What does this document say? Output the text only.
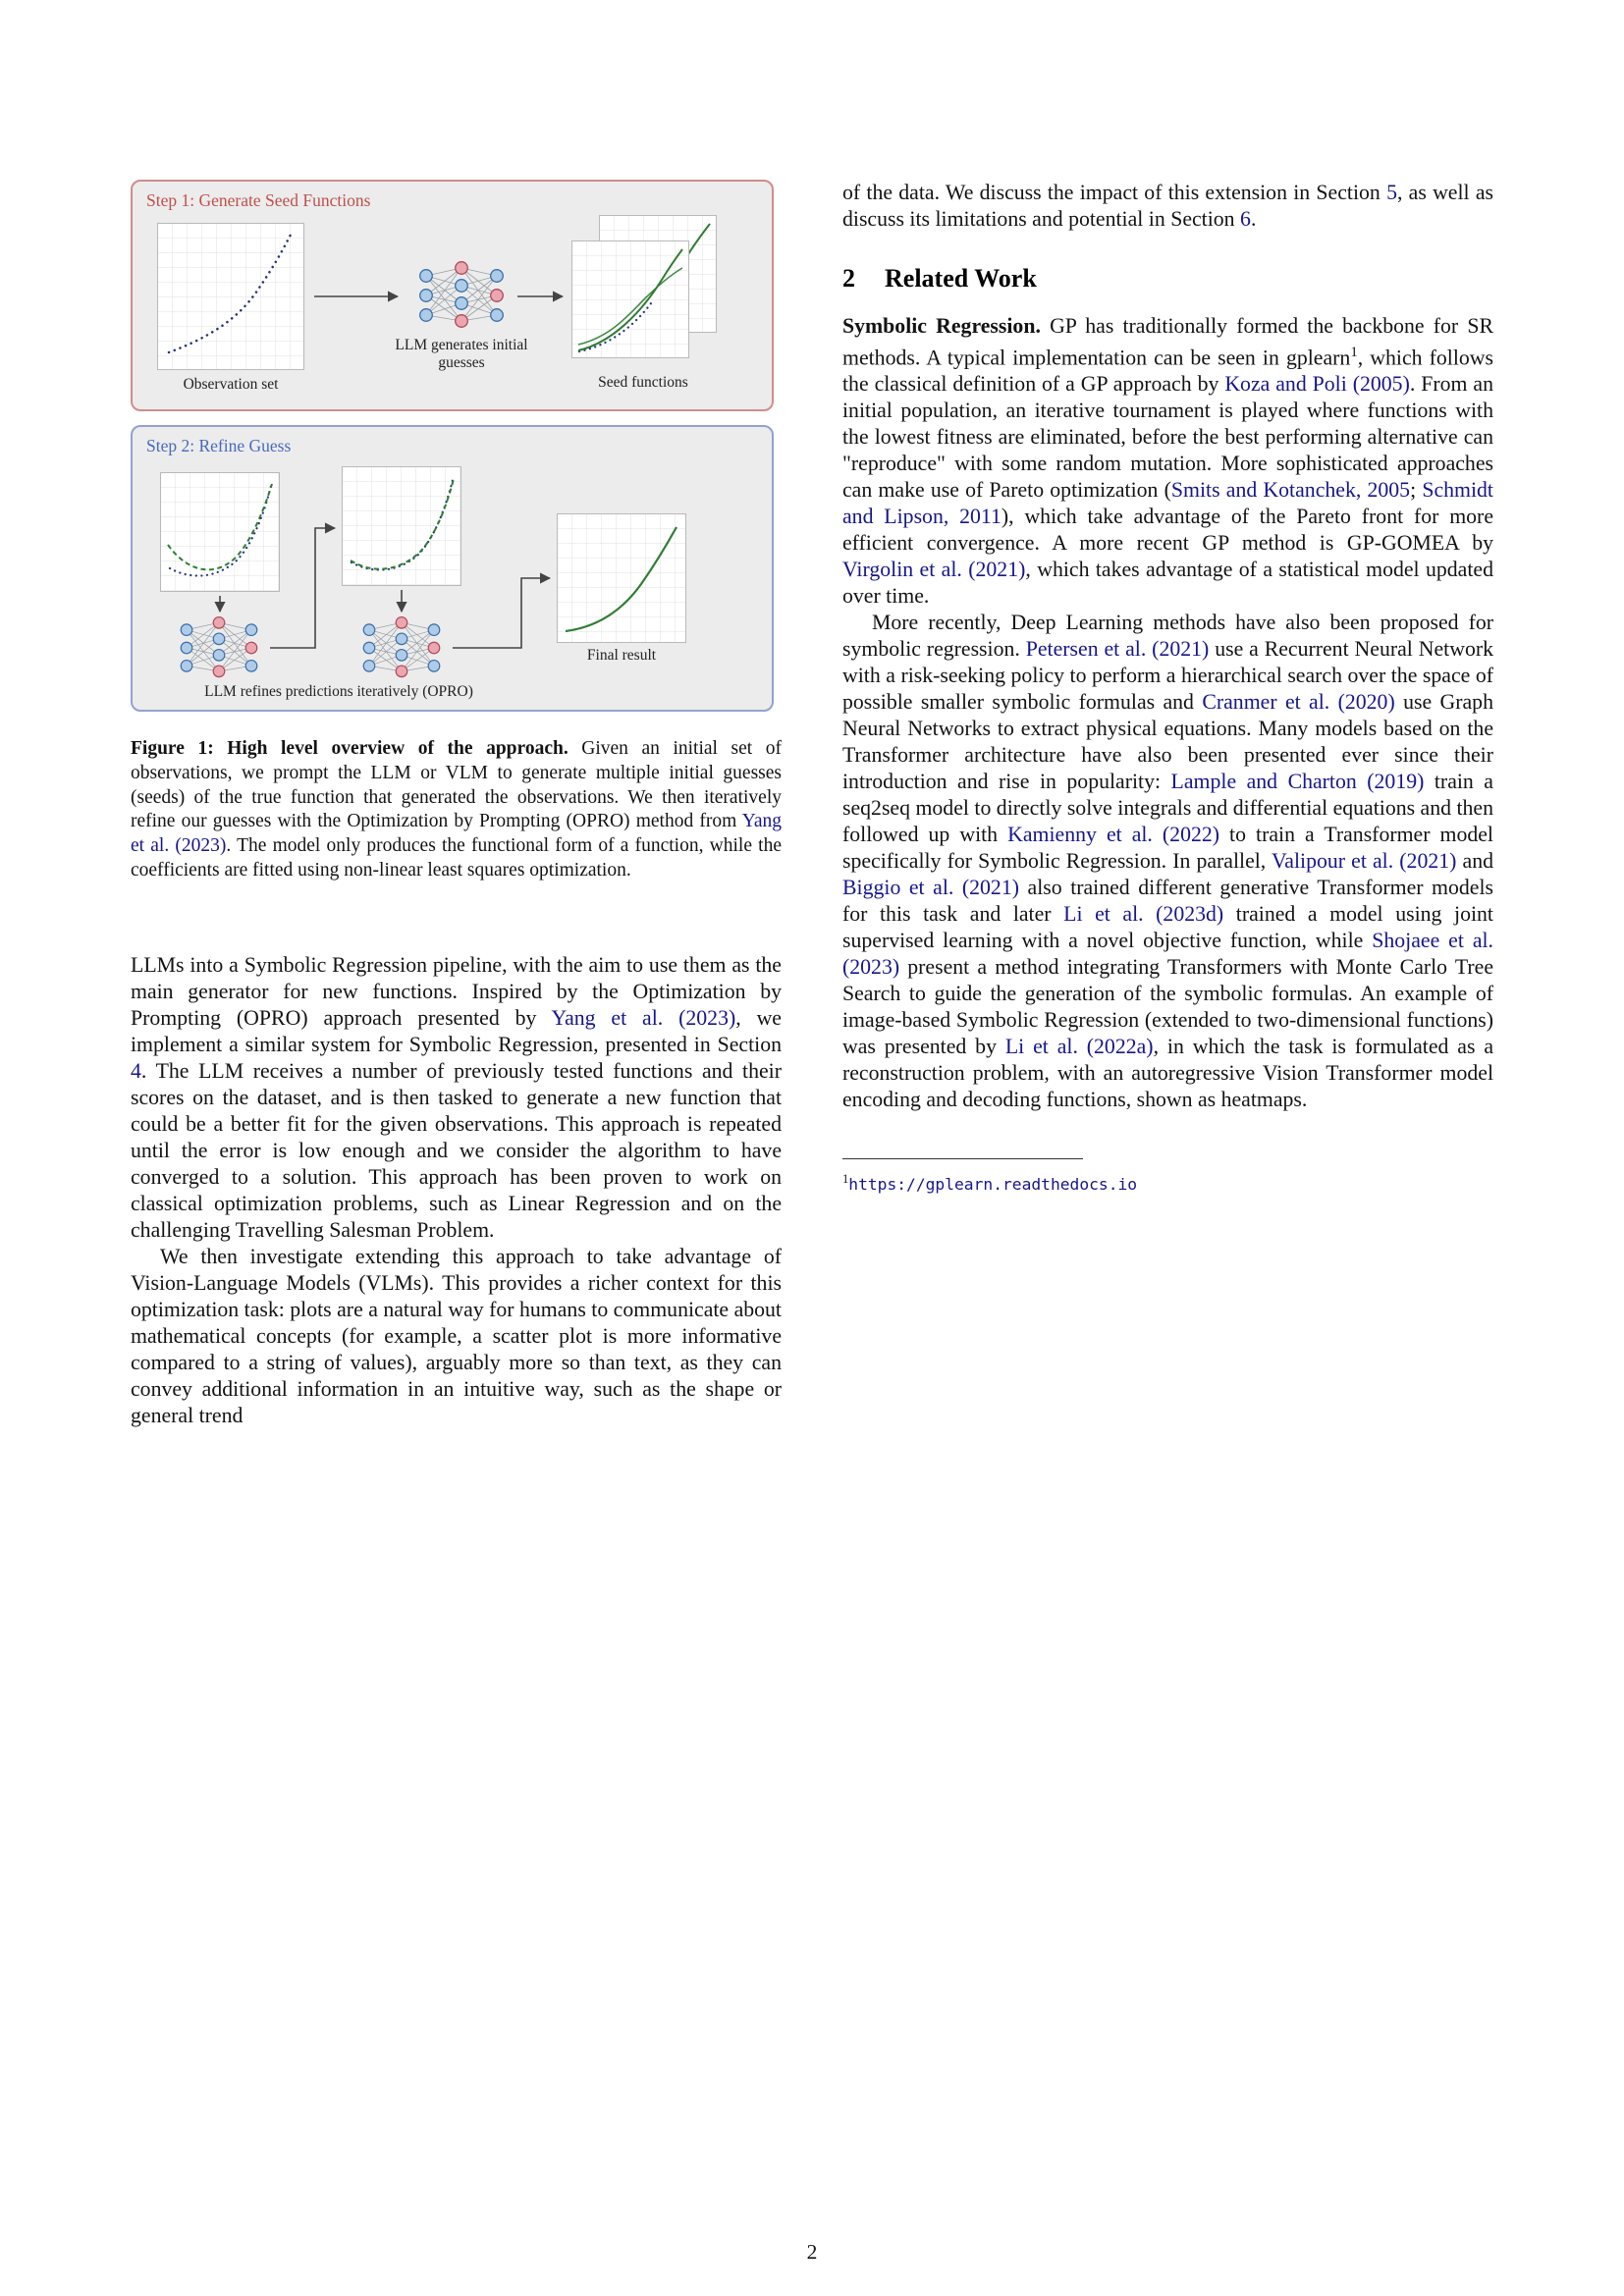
Step 1: Generate Seed Functions
Observation set
LLM generates initial guesses
Seed functions
Step 2: Refine Guess
Final result
LLM refines predictions iteratively (OPRO)
Figure 1: High level overview of the approach. Given an initial set of observations, we prompt the LLM or VLM to generate multiple initial guesses (seeds) of the true function that generated the observations. We then iteratively refine our guesses with the Optimization by Prompting (OPRO) method from Yang et al. (2023). The model only produces the functional form of a function, while the coefficients are fitted using non-linear least squares optimization.

LLMs into a Symbolic Regression pipeline, with the aim to use them as the main generator for new functions. Inspired by the Optimization by Prompting (OPRO) approach presented by Yang et al. (2023), we implement a similar system for Symbolic Regression, presented in Section 4. The LLM receives a number of previously tested functions and their scores on the dataset, and is then tasked to generate a new function that could be a better fit for the given observations. This approach is repeated until the error is low enough and we consider the algorithm to have converged to a solution. This approach has been proven to work on classical optimization problems, such as Linear Regression and on the challenging Travelling Salesman Problem.

We then investigate extending this approach to take advantage of Vision-Language Models (VLMs). This provides a richer context for this optimization task: plots are a natural way for humans to communicate about mathematical concepts (for example, a scatter plot is more informative compared to a string of values), arguably more so than text, as they can convey additional information in an intuitive way, such as the shape or general trend

of the data. We discuss the impact of this extension in Section 5, as well as discuss its limitations and potential in Section 6.

2 Related Work

Symbolic Regression. GP has traditionally formed the backbone for SR methods. A typical implementation can be seen in gplearn$^1$, which follows the classical definition of a GP approach by Koza and Poli (2005). From an initial population, an iterative tournament is played where functions with the lowest fitness are eliminated, before the best performing alternative can "reproduce" with some random mutation. More sophisticated approaches can make use of Pareto optimization (Smits and Kotanchek, 2005; Schmidt and Lipson, 2011), which take advantage of the Pareto front for more efficient convergence. A more recent GP method is GP-GOMEA by Virgolin et al. (2021), which takes advantage of a statistical model updated over time.

More recently, Deep Learning methods have also been proposed for symbolic regression. Petersen et al. (2021) use a Recurrent Neural Network with a risk-seeking policy to perform a hierarchical search over the space of possible smaller symbolic formulas and Cranmer et al. (2020) use Graph Neural Networks to extract physical equations. Many models based on the Transformer architecture have also been presented ever since their introduction and rise in popularity: Lample and Charton (2019) train a seq2seq model to directly solve integrals and differential equations and then followed up with Kamienny et al. (2022) to train a Transformer model specifically for Symbolic Regression. In parallel, Valipour et al. (2021) and Biggio et al. (2021) also trained different generative Transformer models for this task and later Li et al. (2023d) trained a model using joint supervised learning with a novel objective function, while Shojaee et al. (2023) present a method integrating Transformers with Monte Carlo Tree Search to guide the generation of the symbolic formulas. An example of image-based Symbolic Regression (extended to two-dimensional functions) was presented by Li et al. (2022a), in which the task is formulated as a reconstruction problem, with an autoregressive Vision Transformer model encoding and decoding functions, shown as heatmaps.

$^1$https://gplearn.readthedocs.io
2
